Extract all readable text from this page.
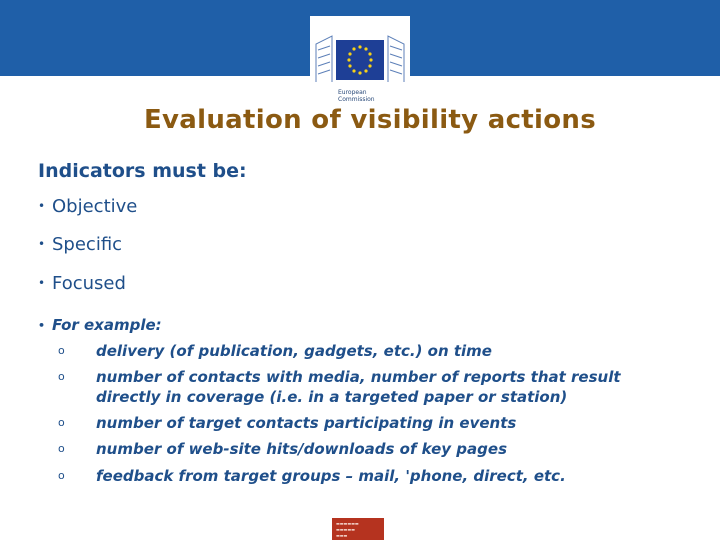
European
Commission
Evaluation of visibility actions
Indicators must be:
• Objective
• Specific
• Focused
• For example:
o delivery (of publication, gadgets, etc.) on time
o number of contacts with media, number of reports that result directly in coverage (i.e. in a targeted paper or station)
o number of target contacts participating in events
o number of web-site hits/downloads of key pages
o feedback from target groups – mail, 'phone, direct, etc.
▬▬▬▬▬▬
▬▬▬▬▬
▬▬▬
